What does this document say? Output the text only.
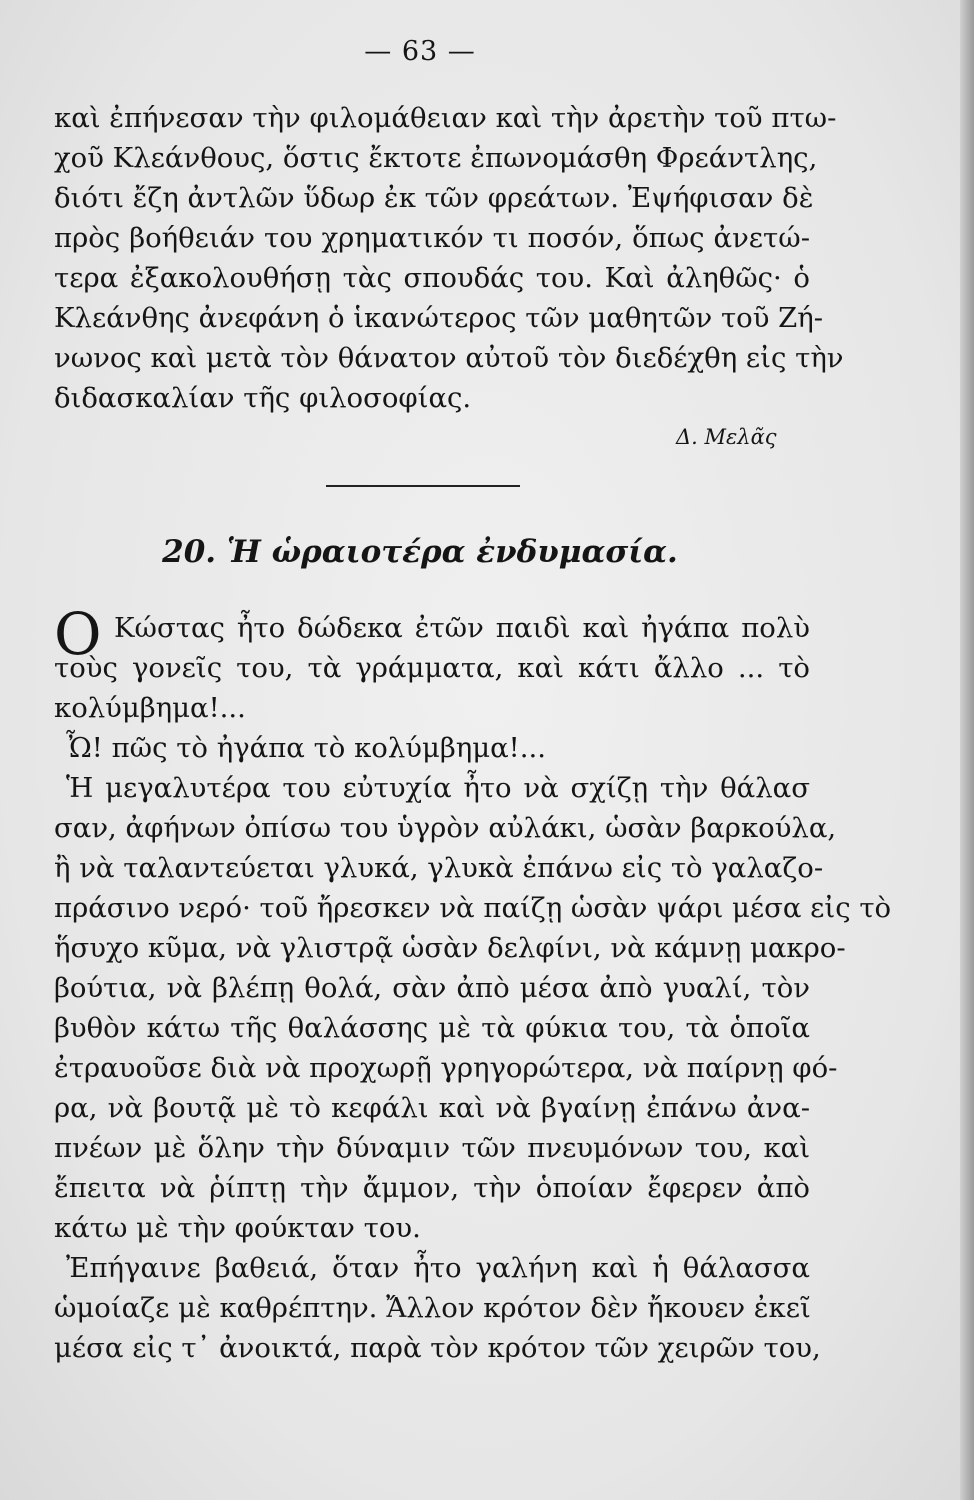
— 63 —
καὶ ἐπήνεσαν τὴν φιλομάθειαν καὶ τὴν ἀρετὴν τοῦ πτω-
χοῦ Κλεάνθους, ὅστις ἔκτοτε ἐπωνομάσθη Φρεάντλης,
διότι ἔζη ἀντλῶν ὕδωρ ἐκ τῶν φρεάτων. Ἐψήφισαν δὲ
πρὸς βοήθειάν του χρηματικόν τι ποσόν, ὅπως ἀνετώ-
τερα ἐξακολουθήσῃ τὰς σπουδάς του. Καὶ ἀληθῶς· ὁ
Κλεάνθης ἀνεφάνη ὁ ἱκανώτερος τῶν μαθητῶν τοῦ Ζή-
νωνος καὶ μετὰ τὸν θάνατον αὐτοῦ τὸν διεδέχθη εἰς τὴν
διδασκαλίαν τῆς φιλοσοφίας.
Δ. Μελᾶς
20. Ἡ ὡραιοτέρα ἐνδυμασία.
Ο Κώστας ἦτο δώδεκα ἐτῶν παιδὶ καὶ ἠγάπα πολὺ
τοὺς γονεῖς του, τὰ γράμματα, καὶ κάτι ἄλλο ... τὸ
κολύμβημα!...
Ὦ! πῶς τὸ ἠγάπα τὸ κολύμβημα!...
Ἡ μεγαλυτέρα του εὐτυχία ἦτο νὰ σχίζῃ τὴν θάλασ
σαν, ἀφήνων ὀπίσω του ὑγρὸν αὐλάκι, ὡσὰν βαρκούλα,
ἢ νὰ ταλαντεύεται γλυκά, γλυκὰ ἐπάνω εἰς τὸ γαλαζο-
πράσινο νερό· τοῦ ἤρεσκεν νὰ παίζῃ ὡσὰν ψάρι μέσα εἰς τὸ
ἥσυχο κῦμα, νὰ γλιστρᾷ ὡσὰν δελφίνι, νὰ κάμνῃ μακρο-
βούτια, νὰ βλέπῃ θολά, σὰν ἀπὸ μέσα ἀπὸ γυαλί, τὸν
βυθὸν κάτω τῆς θαλάσσης μὲ τὰ φύκια του, τὰ ὁποῖα
ἐτραυοῦσε διὰ νὰ προχωρῇ γρηγορώτερα, νὰ παίρνῃ φό-
ρα, νὰ βουτᾷ μὲ τὸ κεφάλι καὶ νὰ βγαίνῃ ἐπάνω ἀνα-
πνέων μὲ ὅλην τὴν δύναμιν τῶν πνευμόνων του, καὶ
ἔπειτα νὰ ῥίπτῃ τὴν ἄμμον, τὴν ὁποίαν ἔφερεν ἀπὸ
κάτω μὲ τὴν φούκταν του.
Ἐπήγαινε βαθειά, ὅταν ἦτο γαλήνη καὶ ἡ θάλασσα
ὡμοίαζε μὲ καθρέπτην. Ἄλλον κρότον δὲν ἤκουεν ἐκεῖ
μέσα εἰς τ᾽ ἀνοικτά, παρὰ τὸν κρότον τῶν χειρῶν του,
